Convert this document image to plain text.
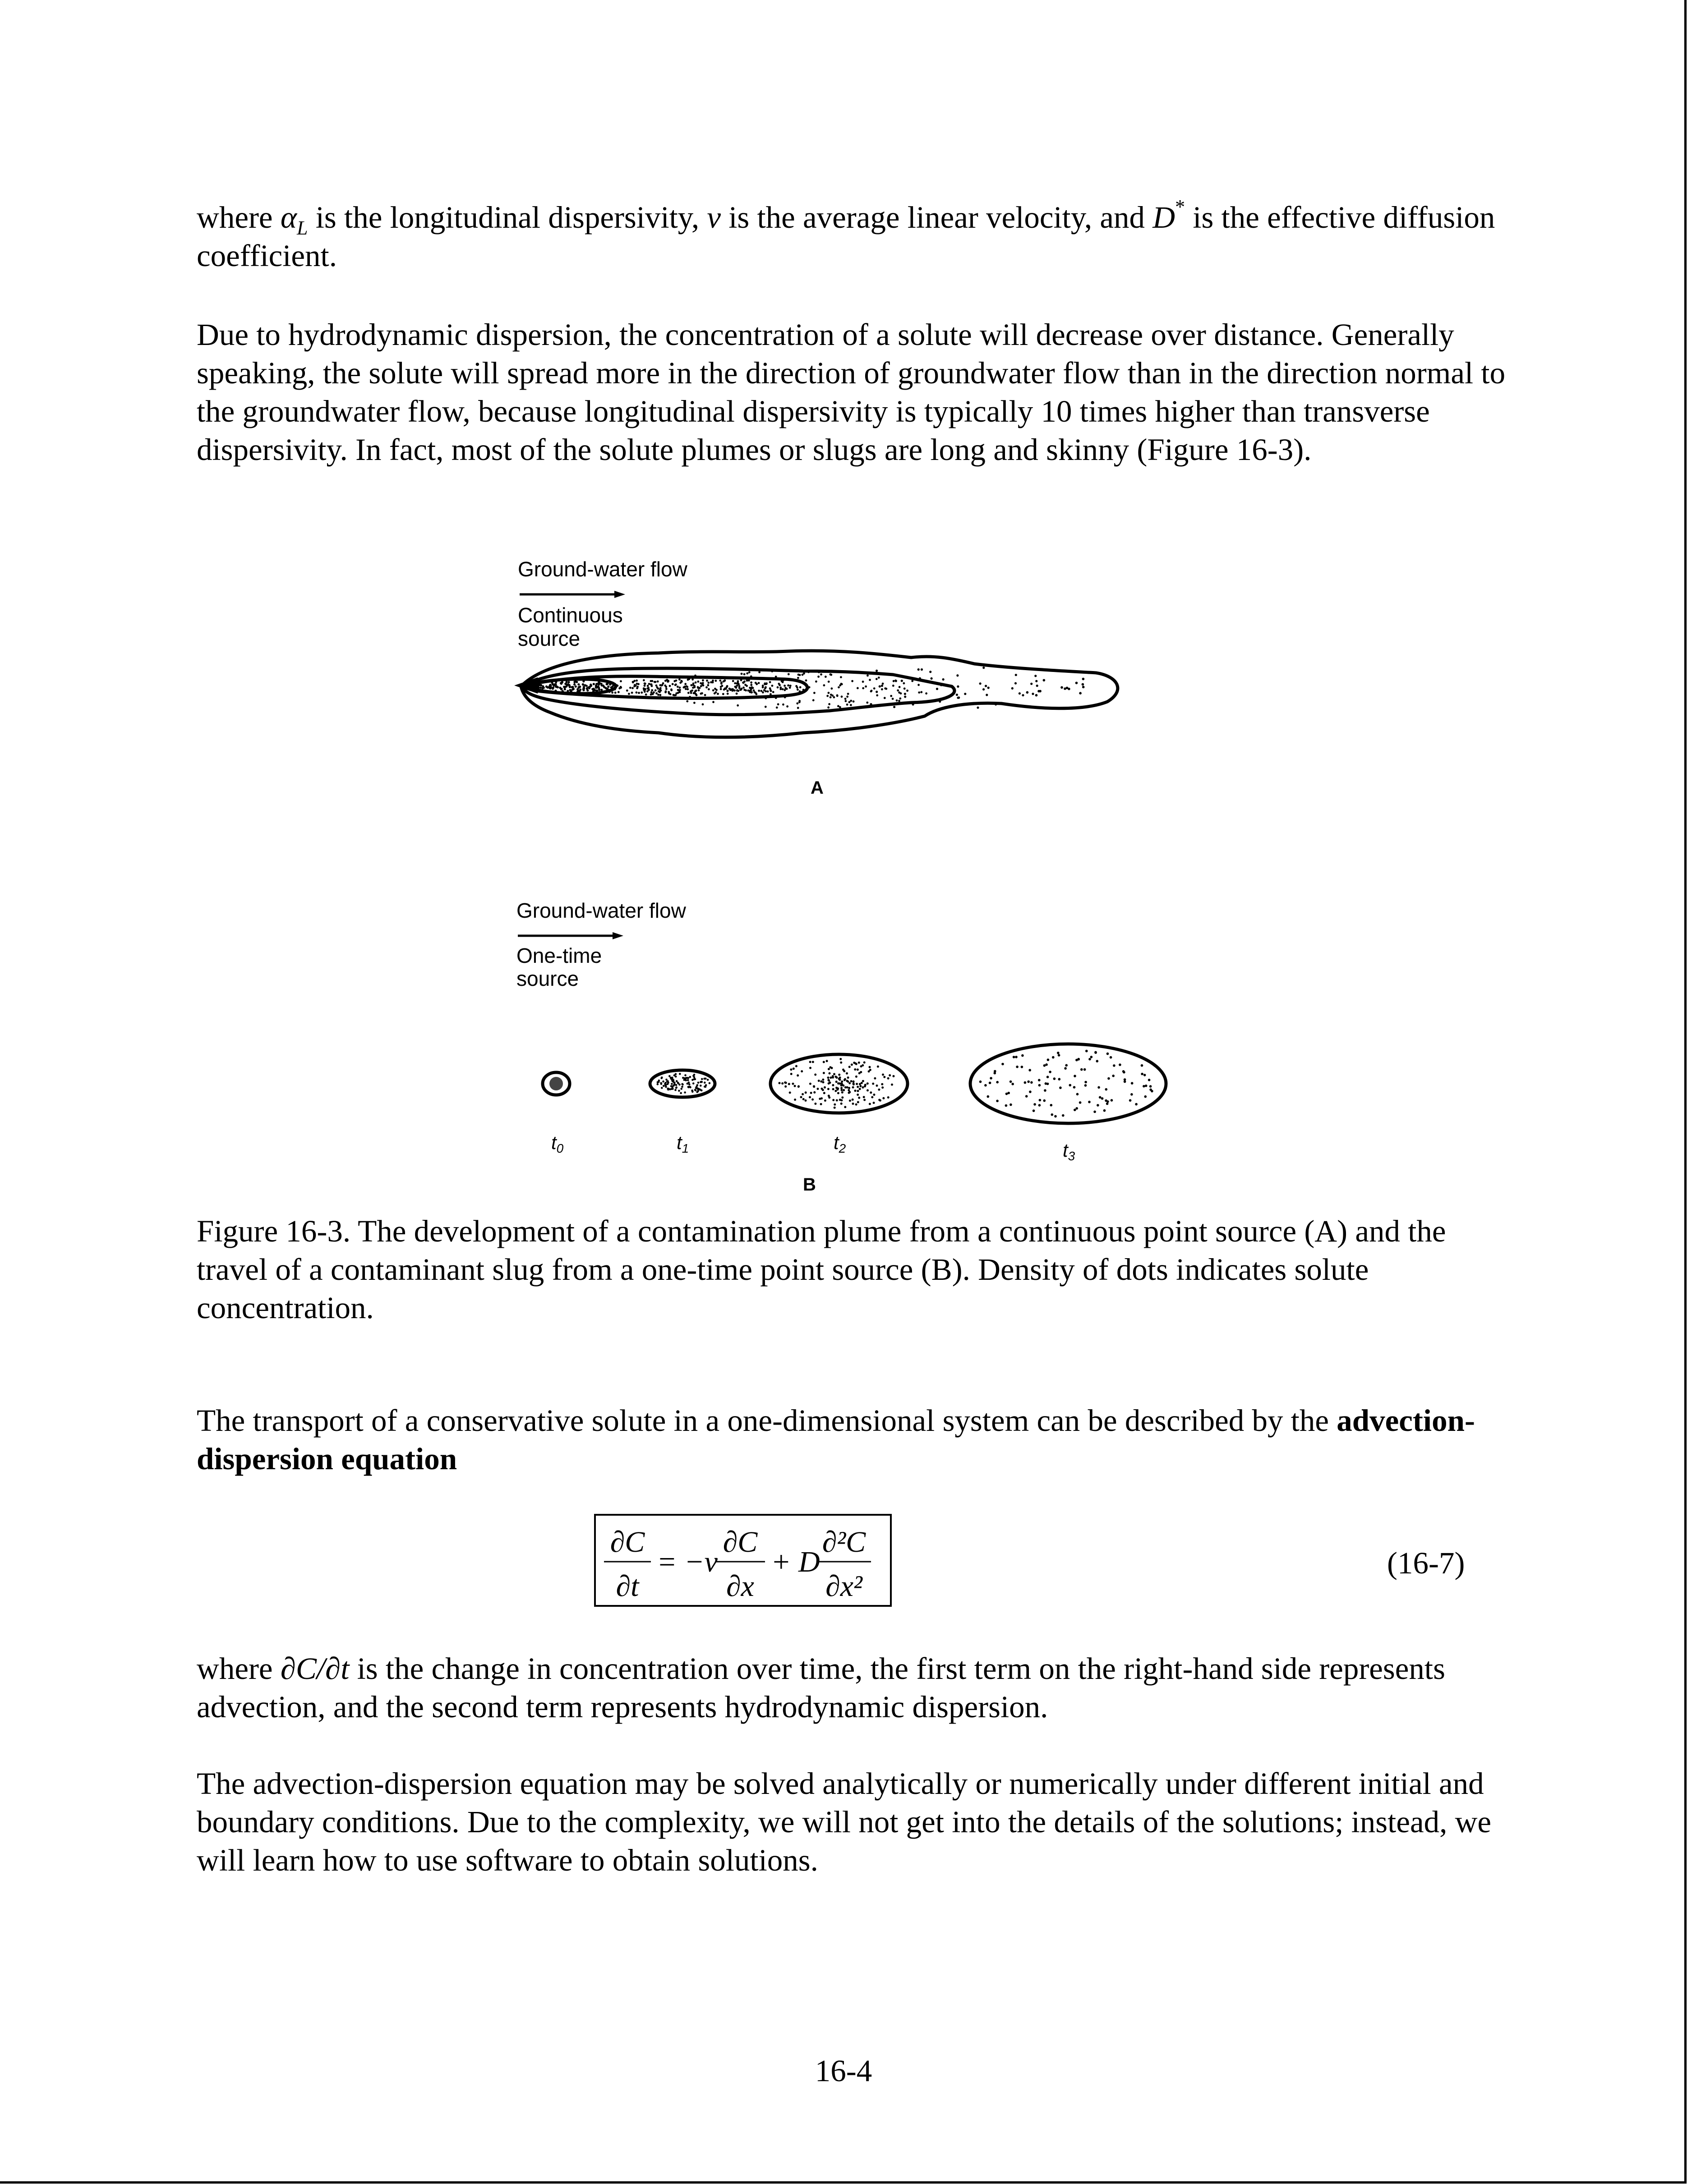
where $\alpha_L$ is the longitudinal dispersivity, v is the average linear velocity, and D* is the effective diffusion coefficient.

Due to hydrodynamic dispersion, the concentration of a solute will decrease over distance. Generally speaking, the solute will spread more in the direction of groundwater flow than in the direction normal to the groundwater flow, because longitudinal dispersivity is typically 10 times higher than transverse dispersivity. In fact, most of the solute plumes or slugs are long and skinny (Figure 16-3).

Ground-water flow
Continuous
source
A
Ground-water flow
One-time
source
t0	t1	t2	t3
B

Figure 16-3. The development of a contamination plume from a continuous point source (A) and the travel of a contaminant slug from a one-time point source (B). Density of dots indicates solute concentration.

The transport of a conservative solute in a one-dimensional system can be described by the advection-dispersion equation

∂C
∂t
= −v
∂C
∂x
+ D
∂²C
∂x²
(16-7)

where ∂C/∂t is the change in concentration over time, the first term on the right-hand side represents advection, and the second term represents hydrodynamic dispersion.

The advection-dispersion equation may be solved analytically or numerically under different initial and boundary conditions. Due to the complexity, we will not get into the details of the solutions; instead, we will learn how to use software to obtain solutions.

16-4
